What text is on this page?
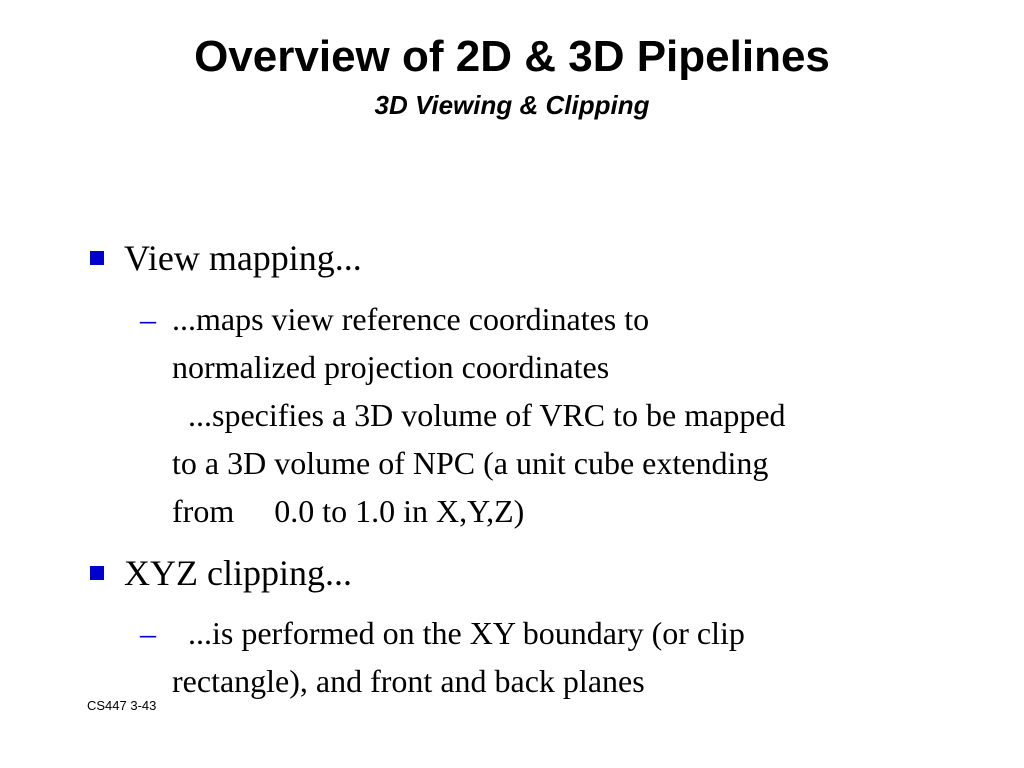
Overview of 2D & 3D Pipelines
3D Viewing & Clipping
View mapping...
– ...maps view reference coordinates to
normalized projection coordinates
...specifies a 3D volume of VRC to be mapped
to a 3D volume of NPC (a unit cube extending
from     0.0 to 1.0 in X,Y,Z)
XYZ clipping...
– ...is performed on the XY boundary (or clip
rectangle), and front and back planes
CS447 3-43
